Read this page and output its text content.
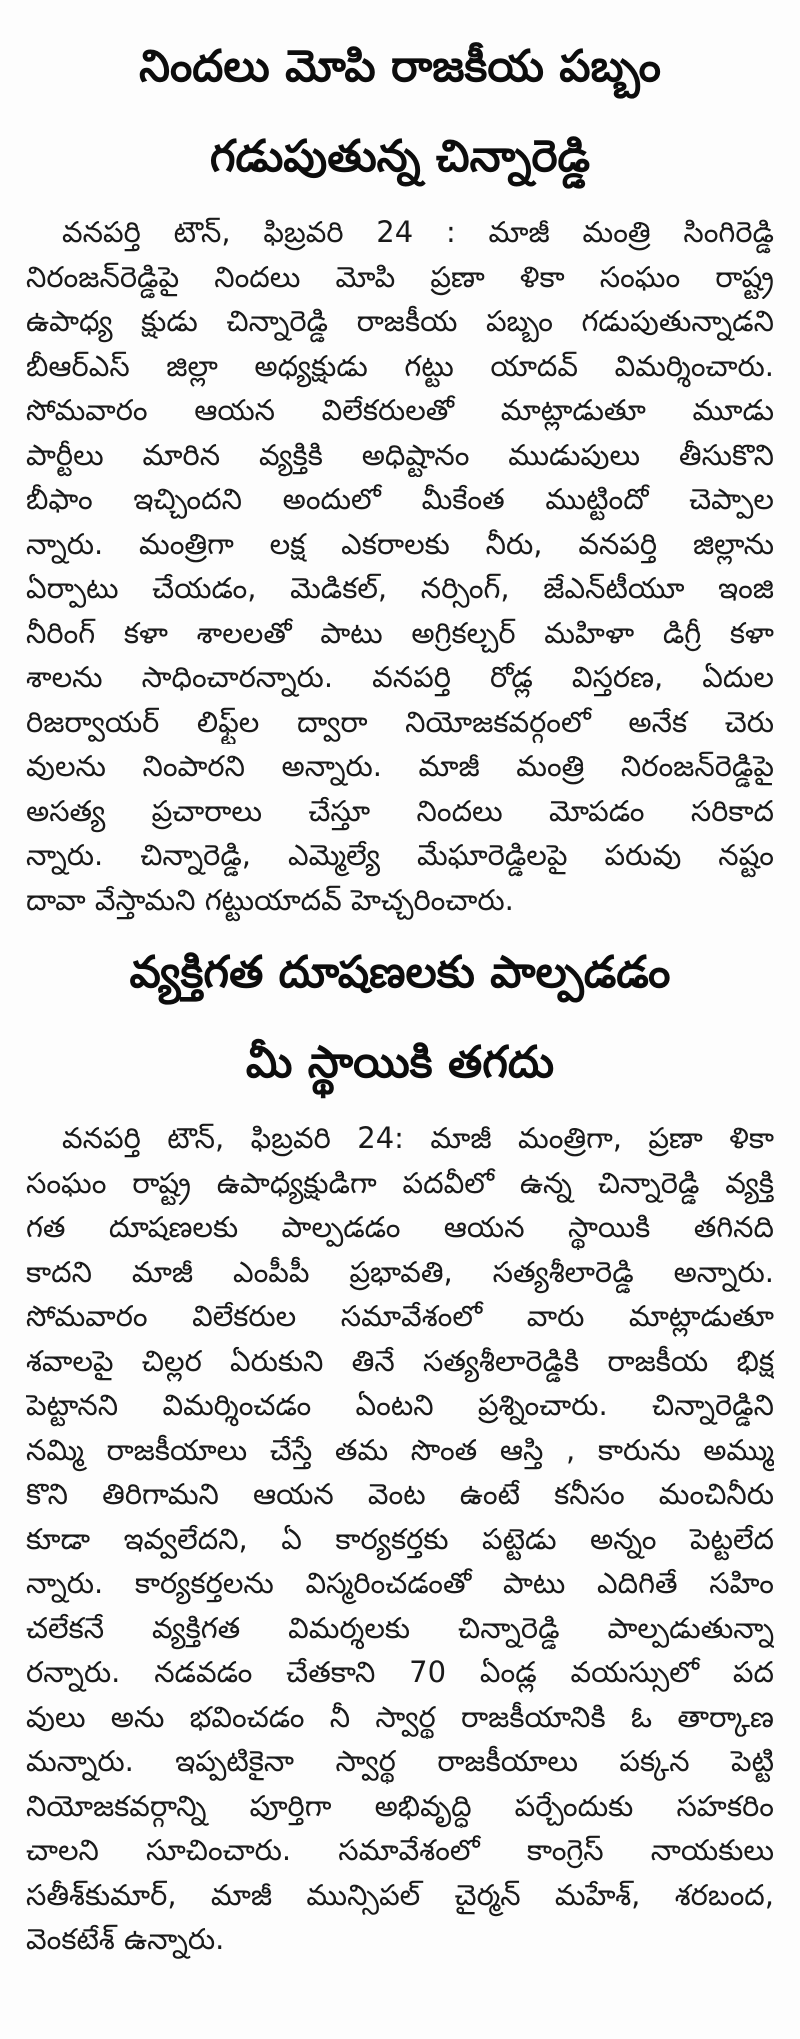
నిందలు మోపి రాజకీయ పబ్బం
గడుపుతున్న చిన్నారెడ్డి
వనపర్తి టౌన్, ఫిబ్రవరి 24 : మాజీ మంత్రి సింగిరెడ్డి
నిరంజన్‌రెడ్డిపై నిందలు మోపి ప్రణా ళికా సంఘం రాష్ట్ర
ఉపాధ్య క్షుడు చిన్నారెడ్డి రాజకీయ పబ్బం గడుపుతున్నాడని
బీఆర్ఎస్ జిల్లా అధ్యక్షుడు గట్టు యాదవ్ విమర్శించారు.
సోమవారం ఆయన విలేకరులతో మాట్లాడుతూ మూడు
పార్టీలు మారిన వ్యక్తికి అధిష్టానం ముడుపులు తీసుకొని
బీఫాం ఇచ్చిందని అందులో మీకేంత ముట్టిందో చెప్పాల
న్నారు. మంత్రిగా లక్ష ఎకరాలకు నీరు, వనపర్తి జిల్లాను
ఏర్పాటు చేయడం, మెడికల్, నర్సింగ్, జేఎన్‌టీయూ ఇంజి
నీరింగ్ కళా శాలలతో పాటు అగ్రికల్చర్ మహిళా డిగ్రీ కళా
శాలను సాధించారన్నారు. వనపర్తి రోడ్ల విస్తరణ, ఏదుల
రిజర్వాయర్ లిఫ్ట్‌ల ద్వారా నియోజకవర్గంలో అనేక చెరు
వులను నింపారని అన్నారు. మాజీ మంత్రి నిరంజన్‌రెడ్డిపై
అసత్య ప్రచారాలు చేస్తూ నిందలు మోపడం సరికాద
న్నారు. చిన్నారెడ్డి, ఎమ్మెల్యే మేఘారెడ్డిలపై పరువు నష్టం
దావా వేస్తామని గట్టుయాదవ్ హెచ్చరించారు.
వ్యక్తిగత దూషణలకు పాల్పడడం
మీ స్థాయికి తగదు
వనపర్తి టౌన్, ఫిబ్రవరి 24: మాజీ మంత్రిగా, ప్రణా ళికా
సంఘం రాష్ట్ర ఉపాధ్యక్షుడిగా పదవీలో ఉన్న చిన్నారెడ్డి వ్యక్తి
గత దూషణలకు పాల్పడడం ఆయన స్థాయికి తగినది
కాదని మాజీ ఎంపీపీ ప్రభావతి, సత్యశీలారెడ్డి అన్నారు.
సోమవారం విలేకరుల సమావేశంలో వారు మాట్లాడుతూ
శవాలపై చిల్లర ఏరుకుని తినే సత్యశీలారెడ్డికి రాజకీయ భిక్ష
పెట్టానని విమర్శించడం ఏంటని ప్రశ్నించారు. చిన్నారెడ్డిని
నమ్మి రాజకీయాలు చేస్తే తమ సొంత ఆస్తి , కారును అమ్ము
కొని తిరిగామని ఆయన వెంట ఉంటే కనీసం మంచినీరు
కూడా ఇవ్వలేదని, ఏ కార్యకర్తకు పట్టెడు అన్నం పెట్టలేద
న్నారు. కార్యకర్తలను విస్మరించడంతో పాటు ఎదిగితే సహిం
చలేకనే వ్యక్తిగత విమర్శలకు చిన్నారెడ్డి పాల్పడుతున్నా
రన్నారు. నడవడం చేతకాని 70 ఏండ్ల వయస్సులో పద
వులు అను భవించడం నీ స్వార్థ రాజకీయానికి ఓ తార్కాణ
మన్నారు. ఇప్పటికైనా స్వార్థ రాజకీయాలు పక్కన పెట్టి
నియోజకవర్గాన్ని పూర్తిగా అభివృద్ధి పర్చేందుకు సహకరిం
చాలని సూచించారు. సమావేశంలో కాంగ్రెస్ నాయకులు
సతీశ్‌కుమార్, మాజీ మున్సిపల్ చైర్మన్ మహేశ్, శరబంద,
వెంకటేశ్ ఉన్నారు.
